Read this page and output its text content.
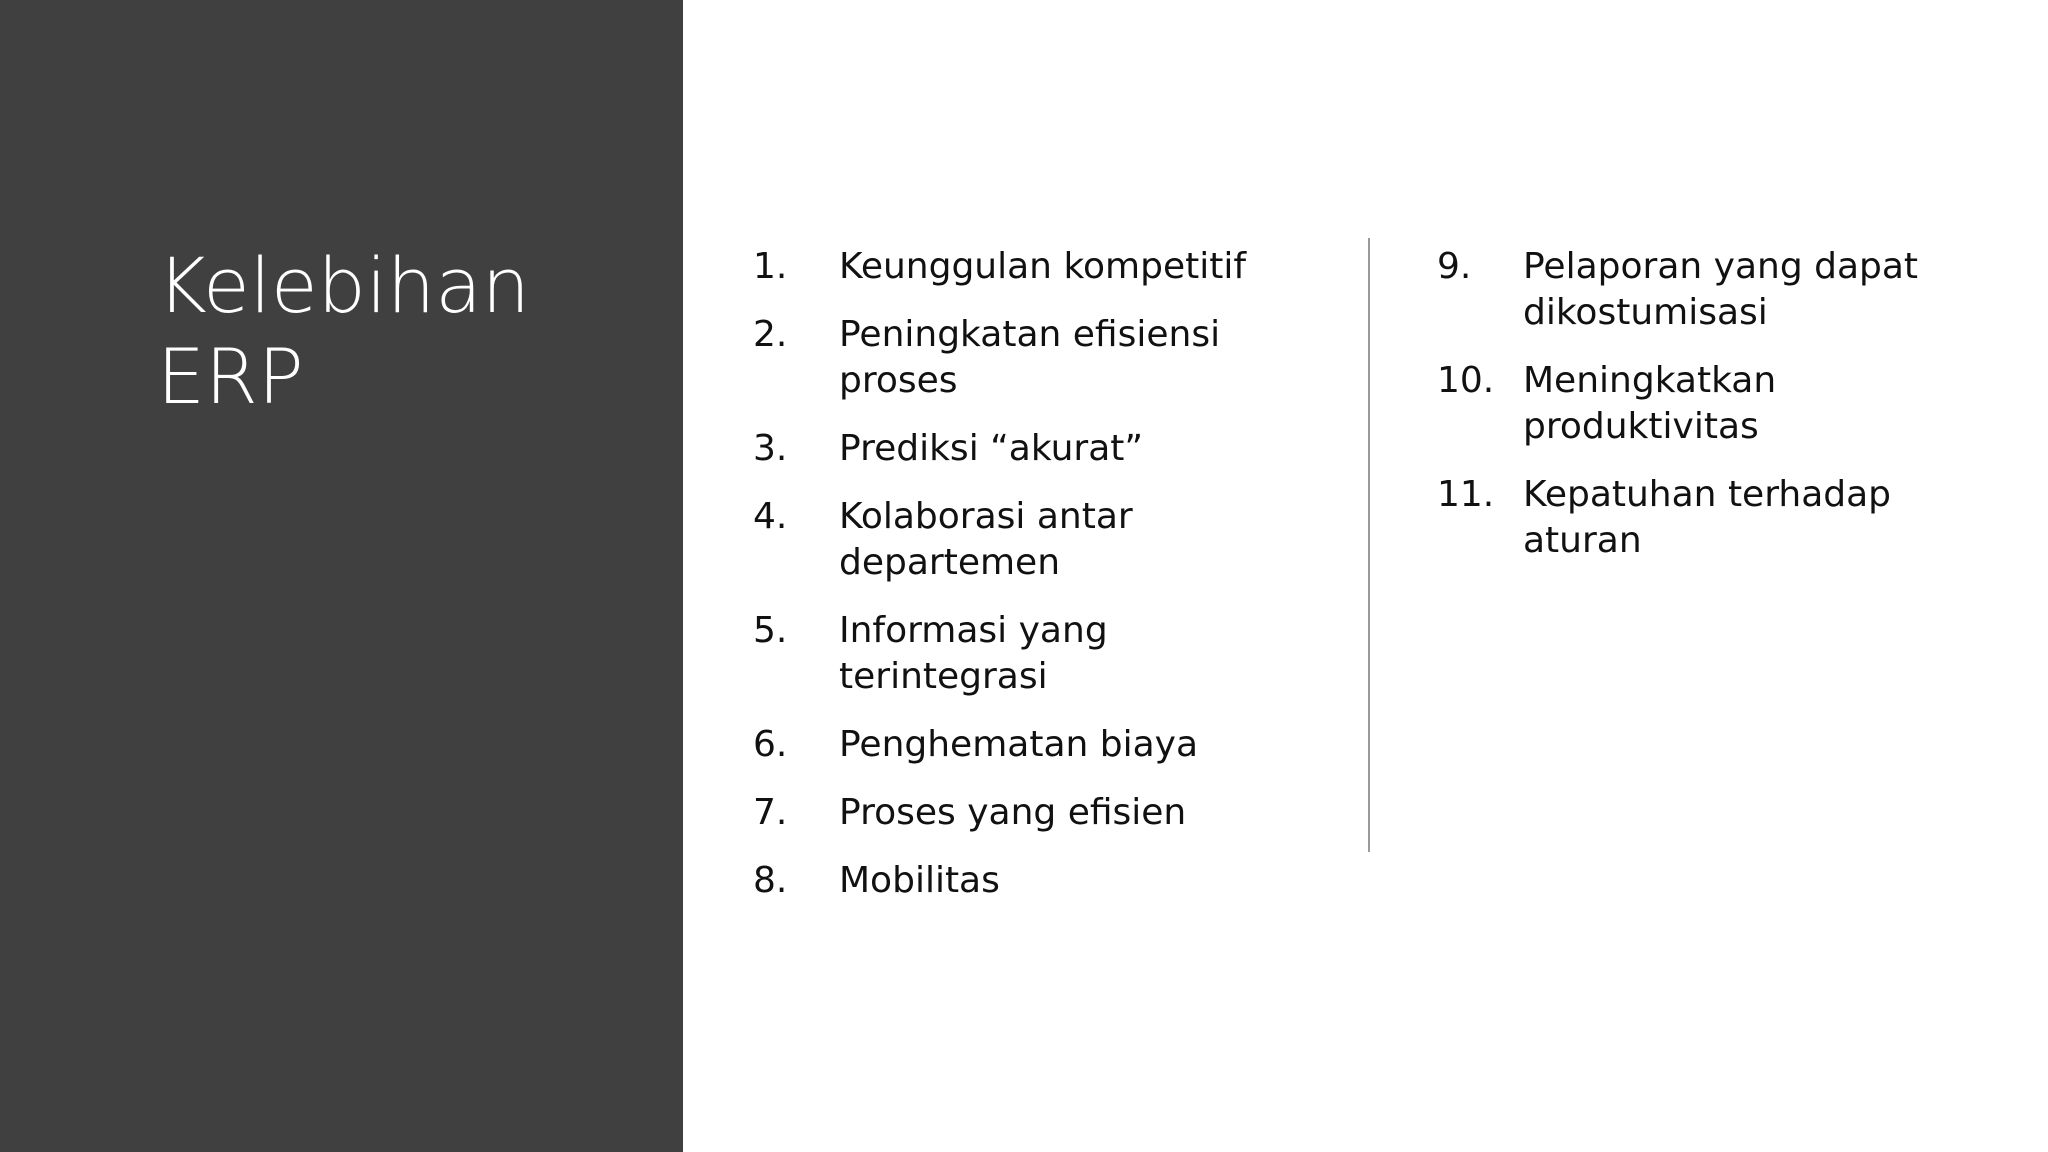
Kelebihan
ERP
1. Keunggulan kompetitif
2. Peningkatan efisiensi proses
3. Prediksi “akurat”
4. Kolaborasi antar departemen
5. Informasi yang terintegrasi
6. Penghematan biaya
7. Proses yang efisien
8. Mobilitas
9. Pelaporan yang dapat dikostumisasi
10. Meningkatkan produktivitas
11. Kepatuhan terhadap aturan
